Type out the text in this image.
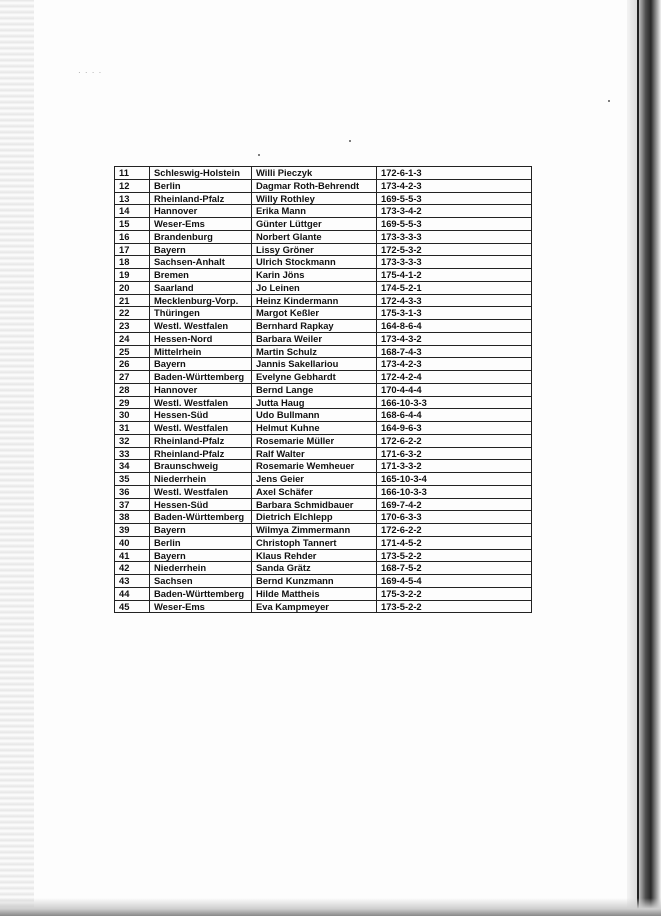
· · · ·
11	Schleswig-Holstein	Willi Pieczyk	172-6-1-3
12	Berlin	Dagmar Roth-Behrendt	173-4-2-3
13	Rheinland-Pfalz	Willy Rothley	169-5-5-3
14	Hannover	Erika Mann	173-3-4-2
15	Weser-Ems	Günter Lüttger	169-5-5-3
16	Brandenburg	Norbert Glante	173-3-3-3
17	Bayern	Lissy Gröner	172-5-3-2
18	Sachsen-Anhalt	Ulrich Stockmann	173-3-3-3
19	Bremen	Karin Jöns	175-4-1-2
20	Saarland	Jo Leinen	174-5-2-1
21	Mecklenburg-Vorp.	Heinz Kindermann	172-4-3-3
22	Thüringen	Margot Keßler	175-3-1-3
23	Westl. Westfalen	Bernhard Rapkay	164-8-6-4
24	Hessen-Nord	Barbara Weiler	173-4-3-2
25	Mittelrhein	Martin Schulz	168-7-4-3
26	Bayern	Jannis Sakellariou	173-4-2-3
27	Baden-Württemberg	Evelyne Gebhardt	172-4-2-4
28	Hannover	Bernd Lange	170-4-4-4
29	Westl. Westfalen	Jutta Haug	166-10-3-3
30	Hessen-Süd	Udo Bullmann	168-6-4-4
31	Westl. Westfalen	Helmut Kuhne	164-9-6-3
32	Rheinland-Pfalz	Rosemarie Müller	172-6-2-2
33	Rheinland-Pfalz	Ralf Walter	171-6-3-2
34	Braunschweig	Rosemarie Wemheuer	171-3-3-2
35	Niederrhein	Jens Geier	165-10-3-4
36	Westl. Westfalen	Axel Schäfer	166-10-3-3
37	Hessen-Süd	Barbara Schmidbauer	169-7-4-2
38	Baden-Württemberg	Dietrich Elchlepp	170-6-3-3
39	Bayern	Wilmya Zimmermann	172-6-2-2
40	Berlin	Christoph Tannert	171-4-5-2
41	Bayern	Klaus Rehder	173-5-2-2
42	Niederrhein	Sanda Grätz	168-7-5-2
43	Sachsen	Bernd Kunzmann	169-4-5-4
44	Baden-Württemberg	Hilde Mattheis	175-3-2-2
45	Weser-Ems	Eva Kampmeyer	173-5-2-2
